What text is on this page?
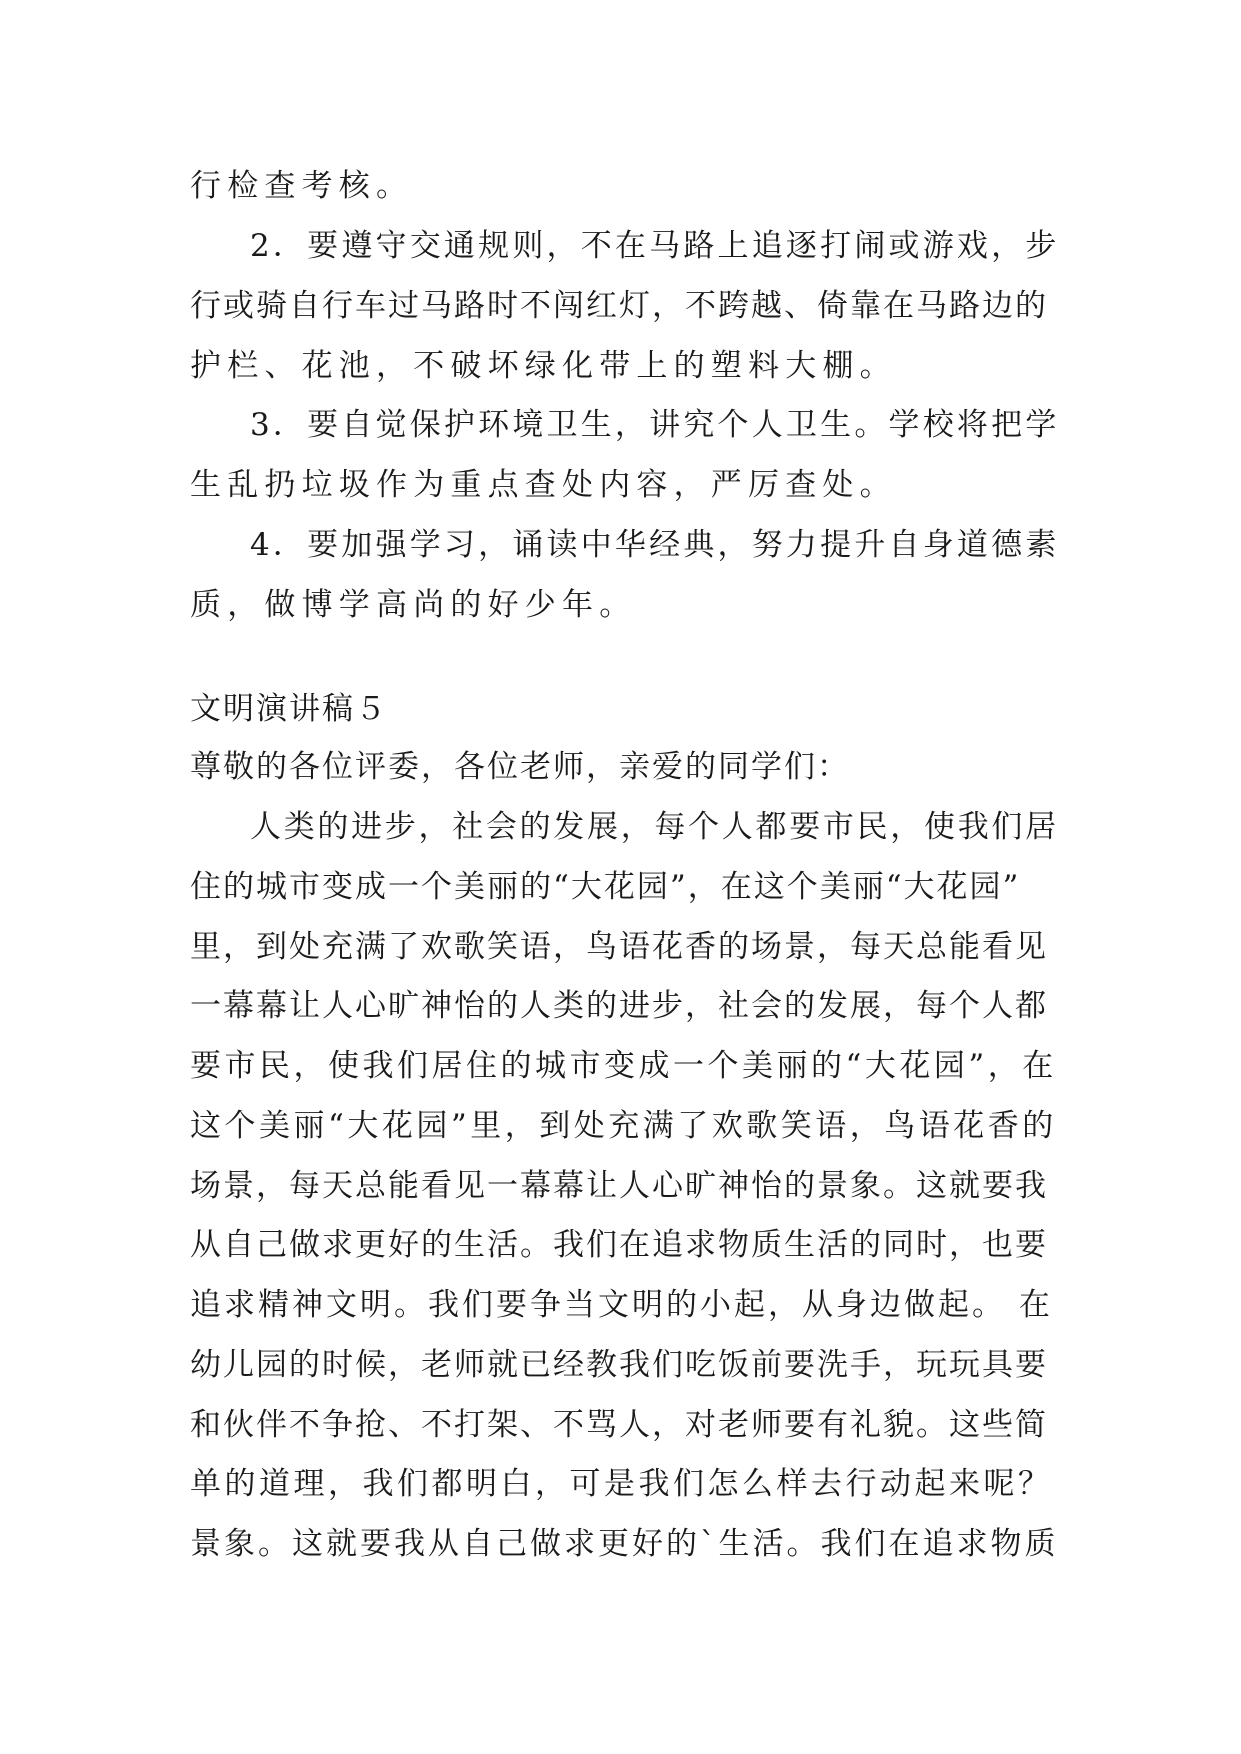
行检查考核。
2．要遵守交通规则，不在马路上追逐打闹或游戏，步
行或骑自行车过马路时不闯红灯，不跨越、倚靠在马路边的
护栏、花池，不破坏绿化带上的塑料大棚。
3．要自觉保护环境卫生，讲究个人卫生。学校将把学
生乱扔垃圾作为重点查处内容，严厉查处。
4．要加强学习，诵读中华经典，努力提升自身道德素
质，做博学高尚的好少年。
文明演讲稿５
尊敬的各位评委，各位老师，亲爱的同学们：
人类的进步，社会的发展，每个人都要市民，使我们居
住的城市变成一个美丽的“大花园”，在这个美丽“大花园”
里，到处充满了欢歌笑语，鸟语花香的场景，每天总能看见
一幕幕让人心旷神怡的人类的进步，社会的发展，每个人都
要市民，使我们居住的城市变成一个美丽的“大花园”，在
这个美丽“大花园”里，到处充满了欢歌笑语，鸟语花香的
场景，每天总能看见一幕幕让人心旷神怡的景象。这就要我
从自己做求更好的生活。我们在追求物质生活的同时，也要
追求精神文明。我们要争当文明的小起，从身边做起。 在
幼儿园的时候，老师就已经教我们吃饭前要洗手，玩玩具要
和伙伴不争抢、不打架、不骂人，对老师要有礼貌。这些简
单的道理，我们都明白，可是我们怎么样去行动起来呢？
景象。这就要我从自己做求更好的`生活。我们在追求物质
